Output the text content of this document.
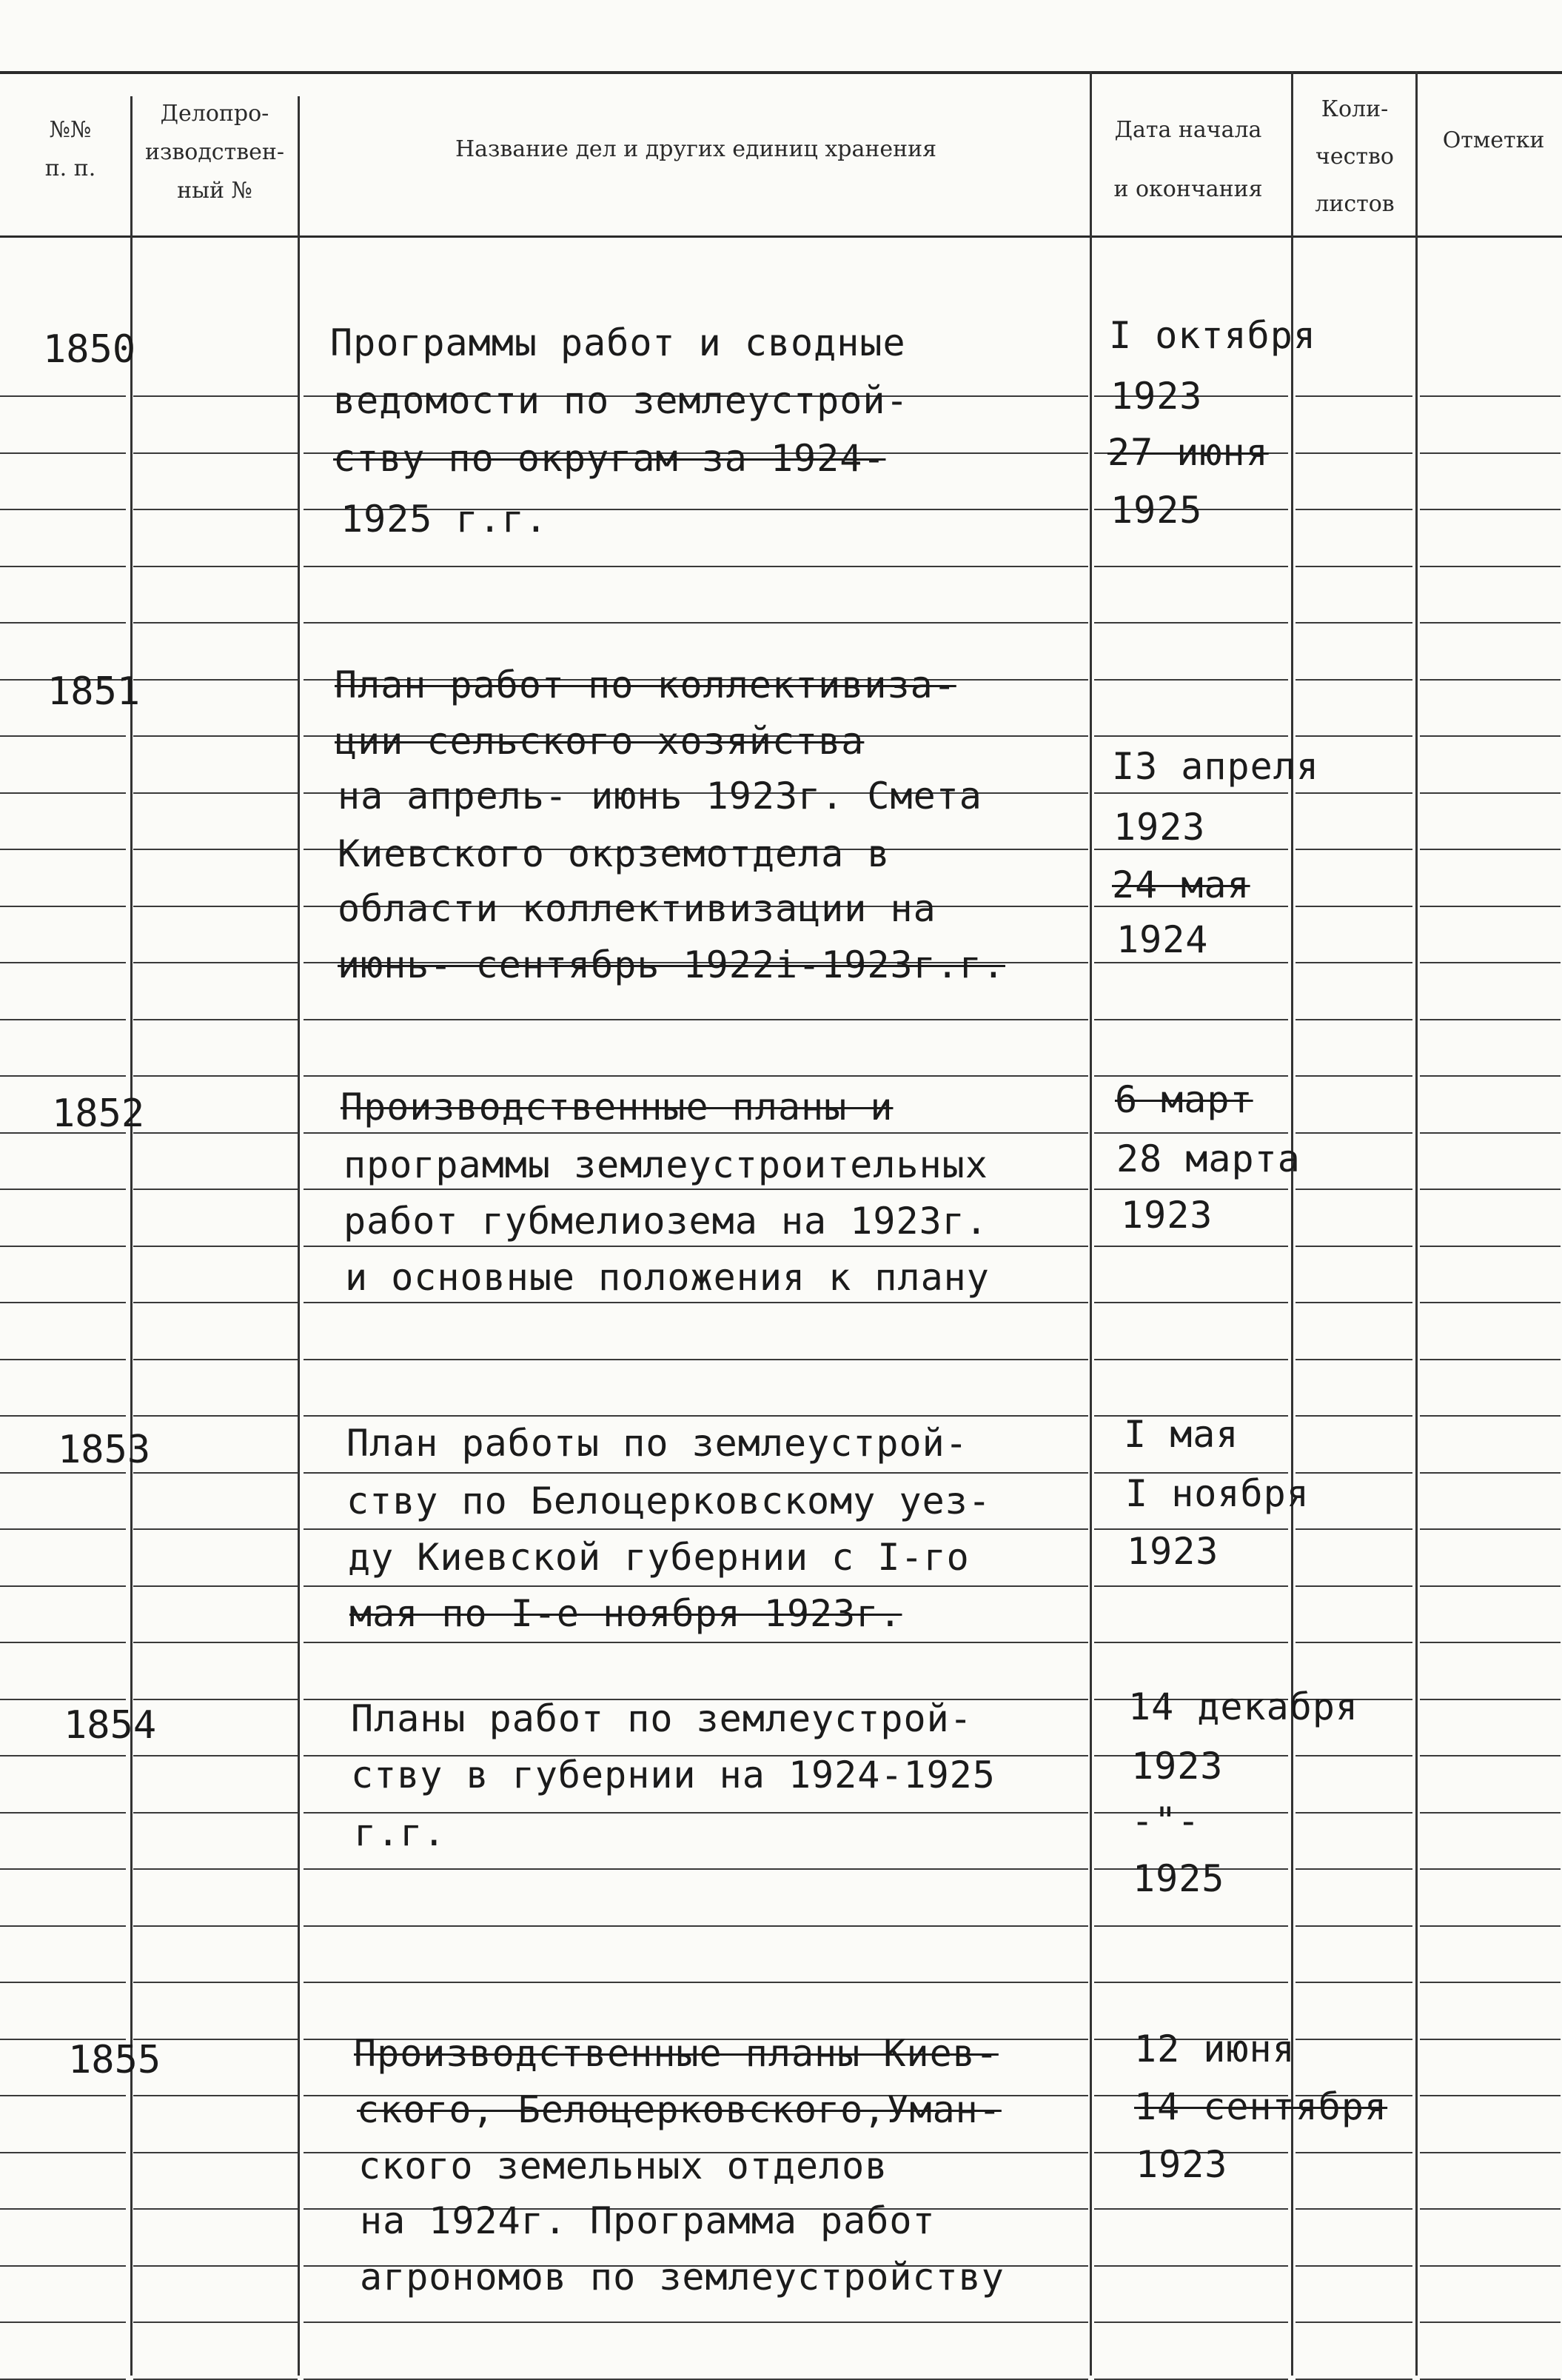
№№
п. п.
Делопро-
изводствен-
ный №
Название дел и других единиц хранения
Дата начала
и окончания
Коли-
чество
листов
Отметки
1850
1851
1852
1853
1854
1855
Программы работ и сводные
ведомости по землеустрой-
ству по округам за 1924-
1925 г.г.
I октября
1923
27 июня
1925
План работ по коллективиза-
ции сельского хозяйства
на апрель- июнь 1923г. Смета
Киевского окрземотдела в
области коллективизации на
июнь- сентябрь 1922i-1923г.г.
I3 апреля
1923
24 мая
1924
Производственные планы и
программы землеустроительных
работ губмелиозема на 1923г.
и основные положения к плану
6 март
28 марта
1923
План работы по землеустрой-
ству по Белоцерковскому уез-
ду Киевской губернии с I-го
мая по I-е ноября 1923г.
I мая
I ноября
1923
Планы работ по землеустрой-
ству в губернии на 1924-1925
г.г.
14 декабря
1923
-"-
1925
Производственные планы Киев-
ского, Белоцерковского,Уман-
ского земельных отделов
на 1924г. Программа работ
агрономов по землеустройству
12 июня
14 сентября
1923
